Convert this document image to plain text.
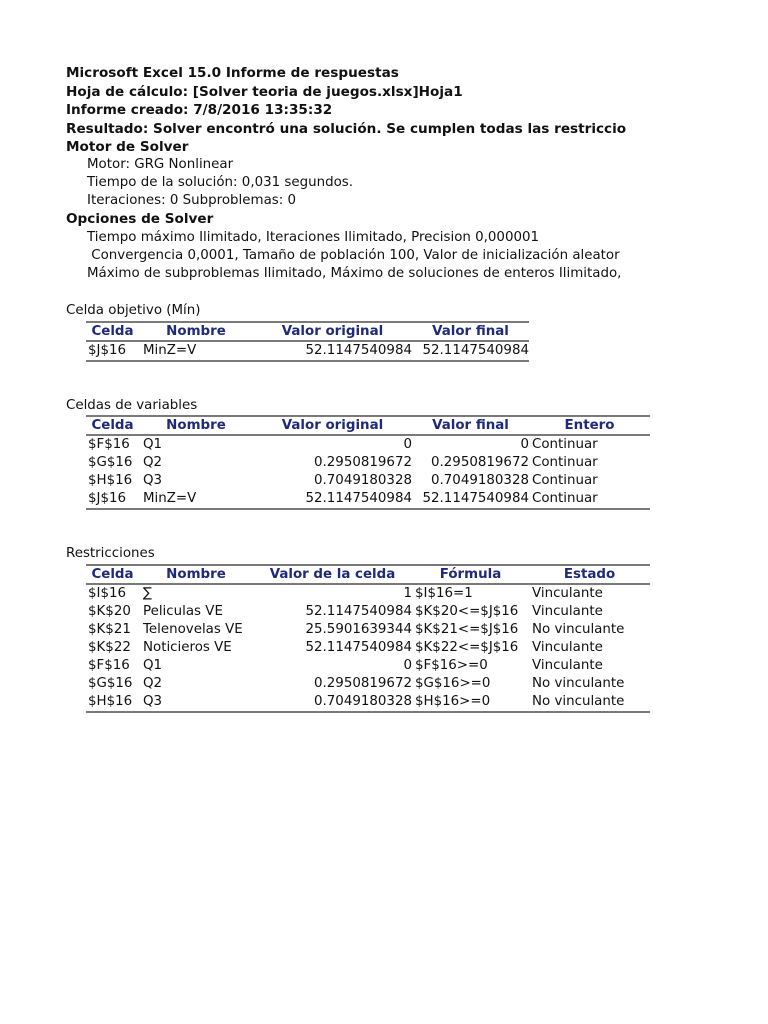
Microsoft Excel 15.0 Informe de respuestas
Hoja de cálculo: [Solver teoria de juegos.xlsx]Hoja1
Informe creado: 7/8/2016 13:35:32
Resultado: Solver encontró una solución. Se cumplen todas las restriccio
Motor de Solver
Motor: GRG Nonlinear
Tiempo de la solución: 0,031 segundos.
Iteraciones: 0 Subproblemas: 0
Opciones de Solver
Tiempo máximo Ilimitado, Iteraciones Ilimitado, Precision 0,000001
Convergencia 0,0001, Tamaño de población 100, Valor de inicialización aleator
Máximo de subproblemas Ilimitado, Máximo de soluciones de enteros Ilimitado,
Celda objetivo (Mín)
Celda	Nombre	Valor original	Valor final
$J$16	MinZ=V	52.1147540984	52.1147540984
Celdas de variables
Celda	Nombre	Valor original	Valor final	Entero
$F$16	Q1	0	0	Continuar
$G$16	Q2	0.2950819672	0.2950819672	Continuar
$H$16	Q3	0.7049180328	0.7049180328	Continuar
$J$16	MinZ=V	52.1147540984	52.1147540984	Continuar
Restricciones
Celda	Nombre	Valor de la celda	Fórmula	Estado
$I$16	∑	1	$I$16=1	Vinculante
$K$20	Peliculas VE	52.1147540984	$K$20<=$J$16	Vinculante
$K$21	Telenovelas VE	25.5901639344	$K$21<=$J$16	No vinculante
$K$22	Noticieros VE	52.1147540984	$K$22<=$J$16	Vinculante
$F$16	Q1	0	$F$16>=0	Vinculante
$G$16	Q2	0.2950819672	$G$16>=0	No vinculante
$H$16	Q3	0.7049180328	$H$16>=0	No vinculante
